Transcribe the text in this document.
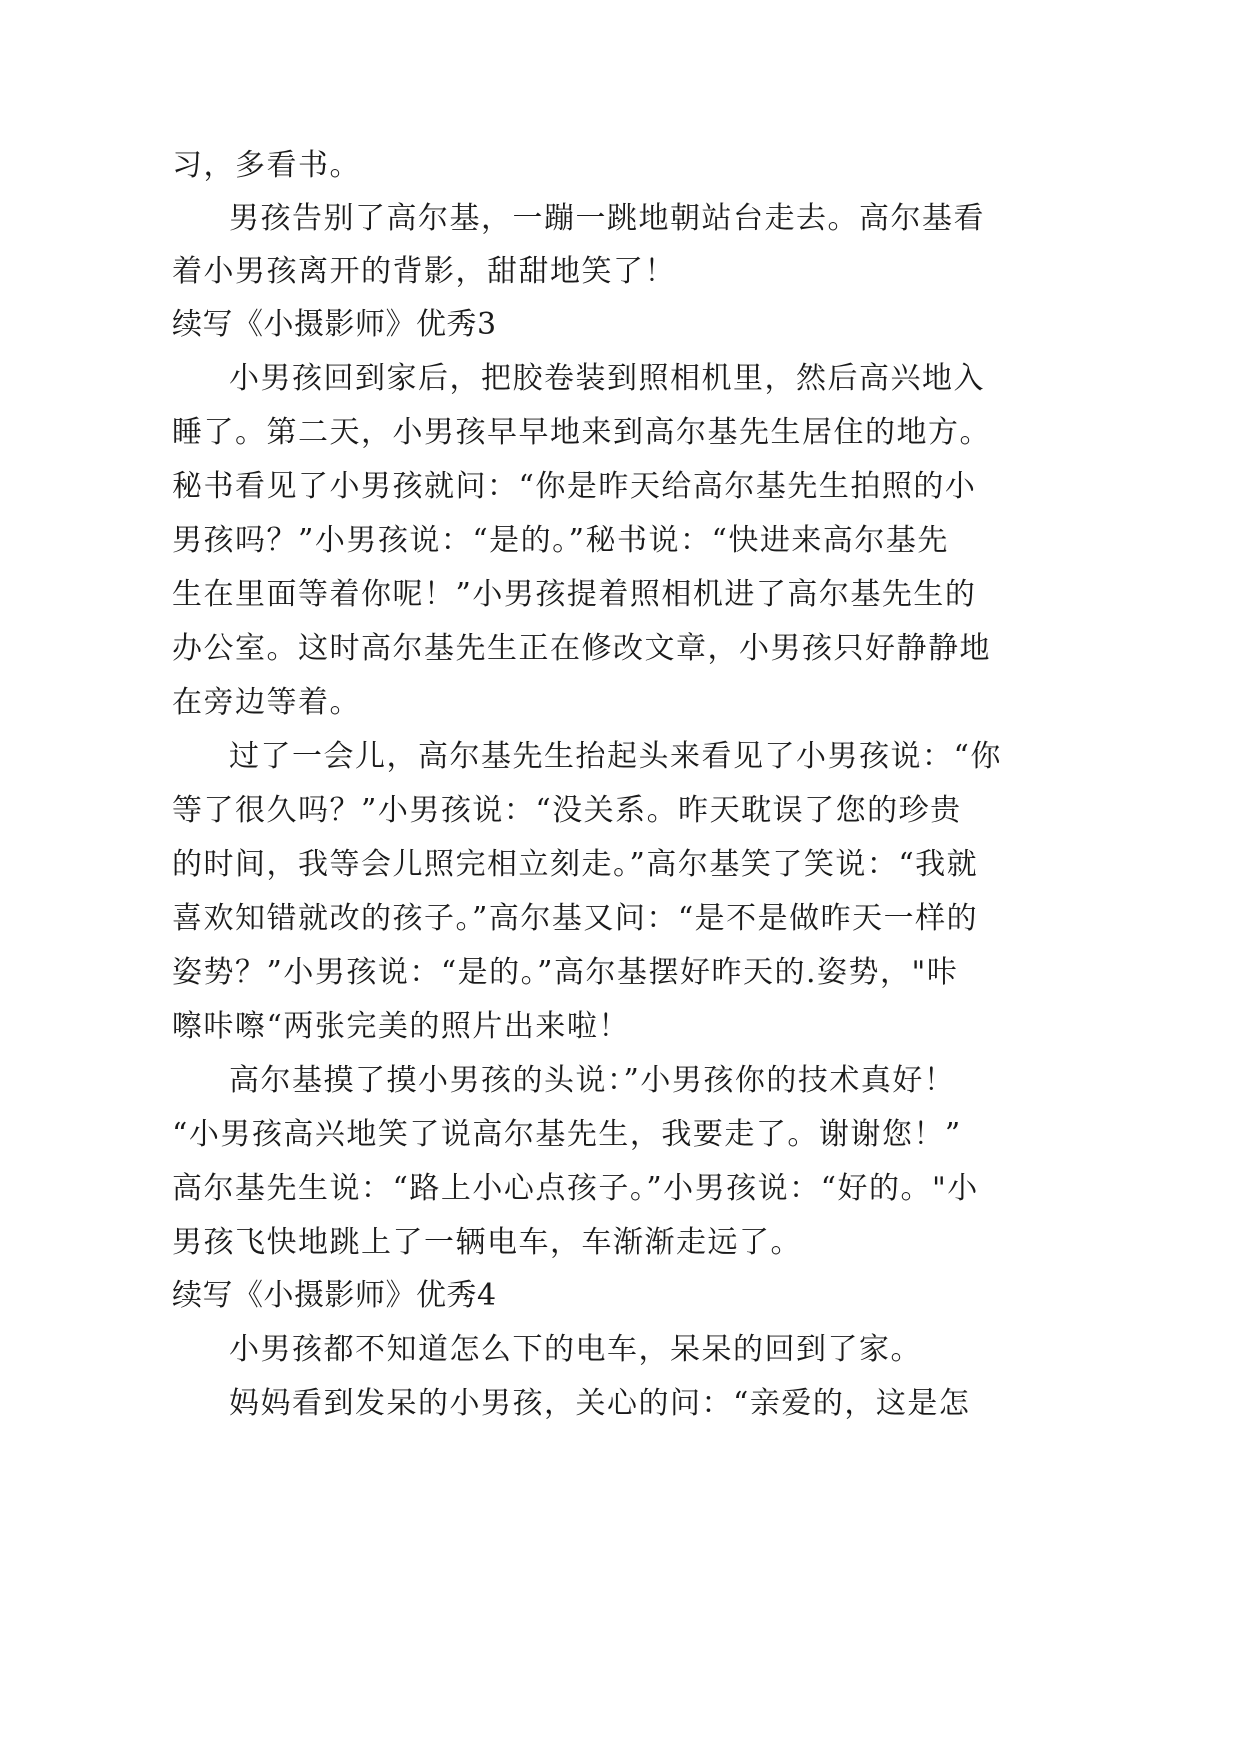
习，多看书。
男孩告别了高尔基，一蹦一跳地朝站台走去。高尔基看
着小男孩离开的背影，甜甜地笑了！
续写《小摄影师》优秀3
小男孩回到家后，把胶卷装到照相机里，然后高兴地入
睡了。第二天，小男孩早早地来到高尔基先生居住的地方。
秘书看见了小男孩就问：“你是昨天给高尔基先生拍照的小
男孩吗？”小男孩说：“是的。”秘书说：“快进来高尔基先
生在里面等着你呢！”小男孩提着照相机进了高尔基先生的
办公室。这时高尔基先生正在修改文章，小男孩只好静静地
在旁边等着。
过了一会儿，高尔基先生抬起头来看见了小男孩说：“你
等了很久吗？”小男孩说：“没关系。昨天耽误了您的珍贵
的时间，我等会儿照完相立刻走。”高尔基笑了笑说：“我就
喜欢知错就改的孩子。”高尔基又问：“是不是做昨天一样的
姿势？”小男孩说：“是的。”高尔基摆好昨天的.姿势，"咔
嚓咔嚓“两张完美的照片出来啦！
高尔基摸了摸小男孩的头说：”小男孩你的技术真好！
“小男孩高兴地笑了说高尔基先生，我要走了。谢谢您！”
高尔基先生说：“路上小心点孩子。”小男孩说：“好的。"小
男孩飞快地跳上了一辆电车，车渐渐走远了。
续写《小摄影师》优秀4
小男孩都不知道怎么下的电车，呆呆的回到了家。
妈妈看到发呆的小男孩，关心的问：“亲爱的，这是怎
